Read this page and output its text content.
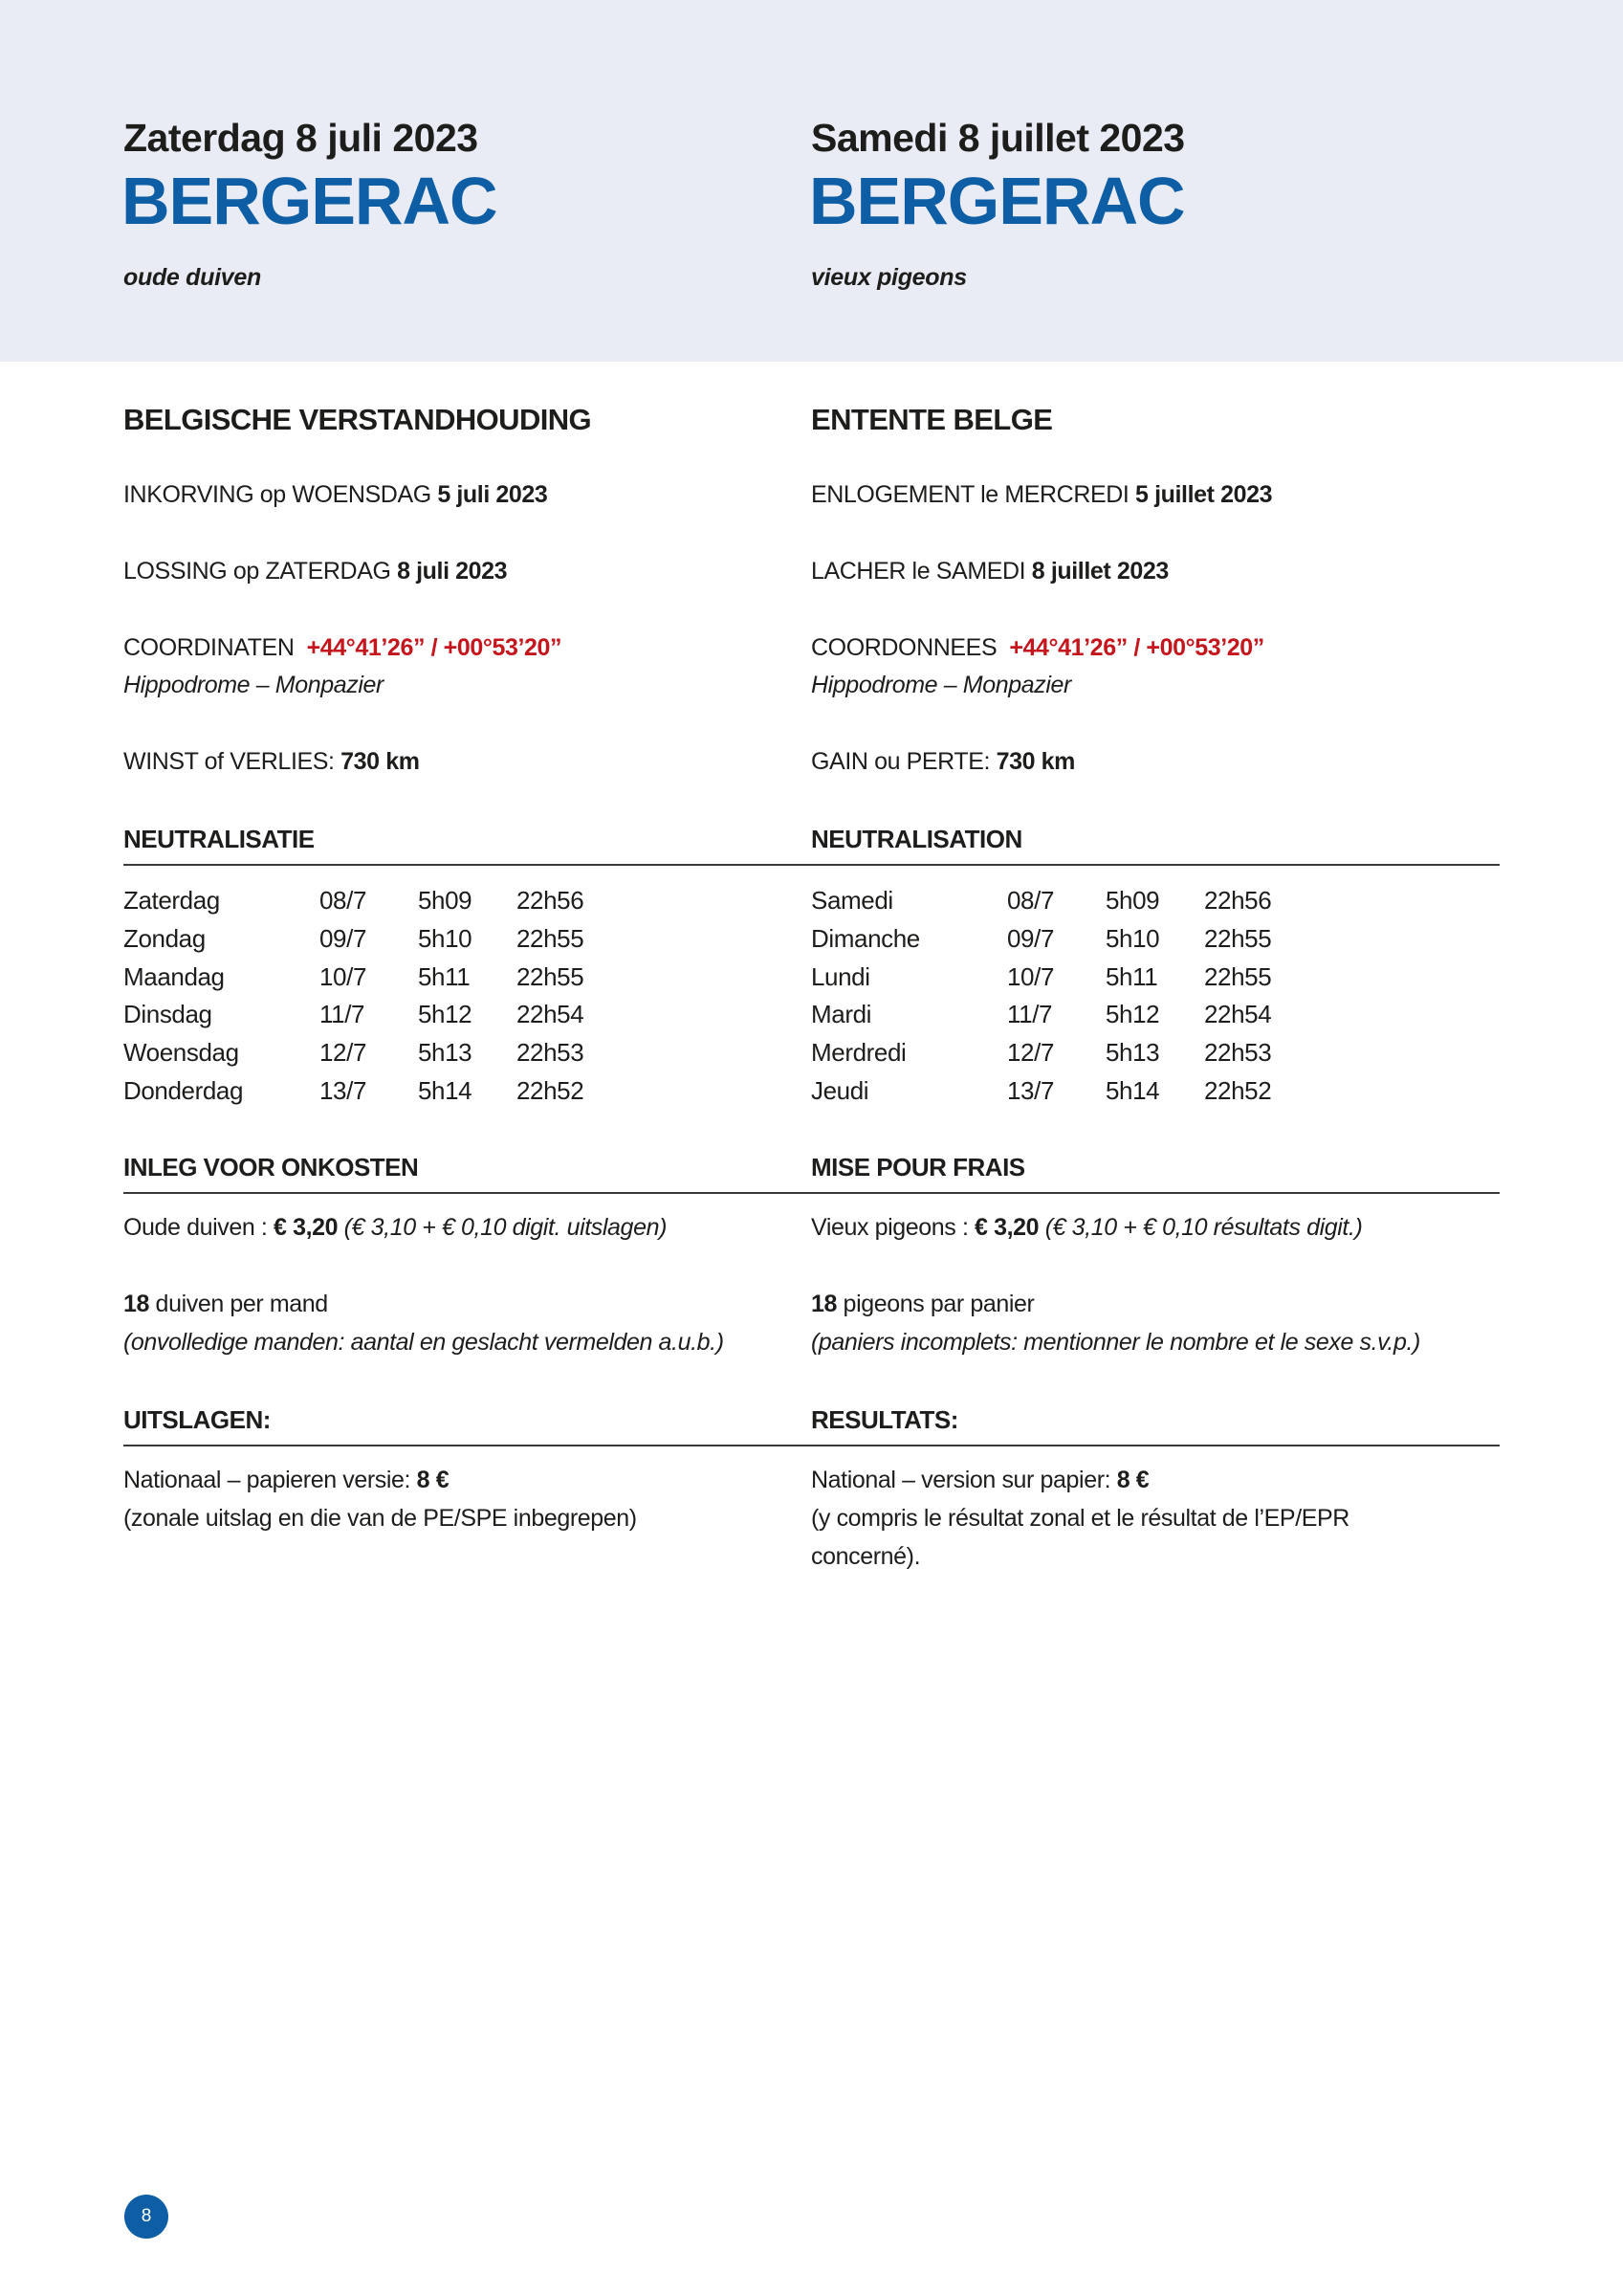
Zaterdag 8 juli 2023
BERGERAC
oude duiven
BELGISCHE VERSTANDHOUDING
INKORVING op WOENSDAG 5 juli 2023
LOSSING op ZATERDAG 8 juli 2023
COORDINATEN  +44°41’26” / +00°53’20”
Hippodrome – Monpazier
WINST of VERLIES: 730 km
NEUTRALISATIE
Zaterdag	08/7 5h09 22h56
Zondag	09/7 5h10 22h55
Maandag	10/7 5h11 22h55
Dinsdag	11/7 5h12 22h54
Woensdag	12/7 5h13 22h53
Donderdag	13/7 5h14 22h52
INLEG VOOR ONKOSTEN
Oude duiven : € 3,20 (€ 3,10 + € 0,10 digit. uitslagen)
18 duiven per mand
(onvolledige manden: aantal en geslacht vermelden a.u.b.)
UITSLAGEN:
Nationaal – papieren versie: 8 €
(zonale uitslag en die van de PE/SPE inbegrepen)
Samedi 8 juillet 2023
BERGERAC
vieux pigeons
ENTENTE BELGE
ENLOGEMENT le MERCREDI 5 juillet 2023
LACHER le SAMEDI 8 juillet 2023
COORDONNEES  +44°41’26” / +00°53’20”
Hippodrome – Monpazier
GAIN ou PERTE: 730 km
NEUTRALISATION
Samedi	08/7 5h09 22h56
Dimanche	09/7 5h10 22h55
Lundi	10/7 5h11 22h55
Mardi	11/7 5h12 22h54
Merdredi	12/7 5h13 22h53
Jeudi	13/7 5h14 22h52
MISE POUR FRAIS
Vieux pigeons : € 3,20 (€ 3,10 + € 0,10 résultats digit.)
18 pigeons par panier
(paniers incomplets: mentionner le nombre et le sexe s.v.p.)
RESULTATS:
National – version sur papier: 8 €
(y compris le résultat zonal et le résultat de l’EP/EPR
concerné).
8
